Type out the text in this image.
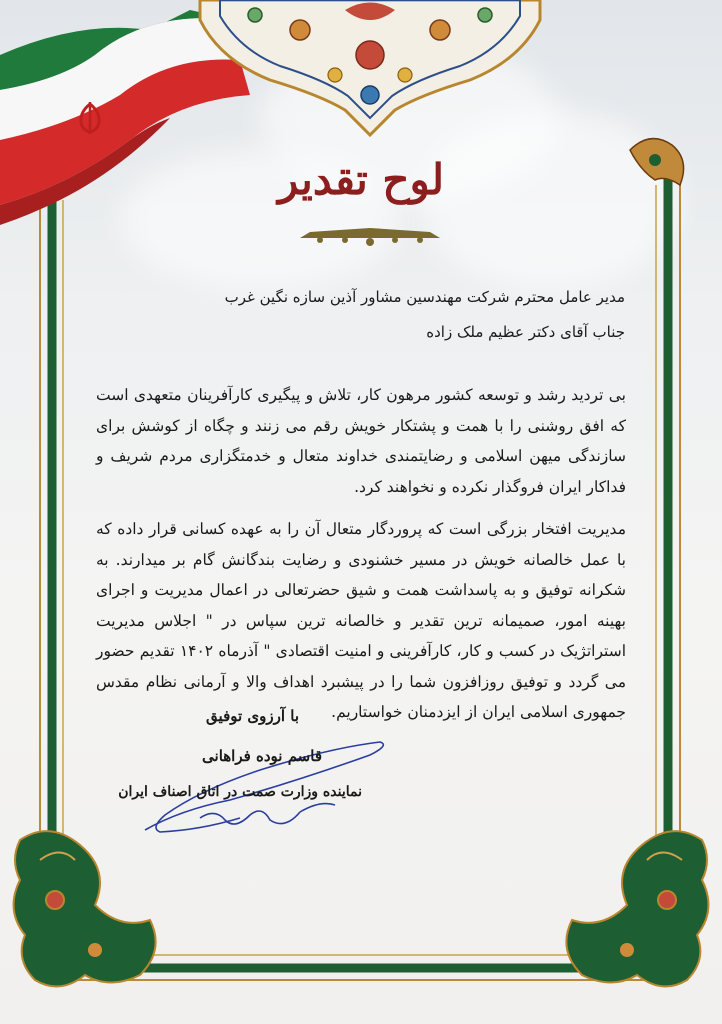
لوح تقدیر
مدیر عامل محترم شرکت مهندسین مشاور آذین سازه نگین غرب
جناب آقای دکتر عظیم ملک زاده

بی تردید رشد و توسعه کشور مرهون کار، تلاش و پیگیری کارآفرینان متعهدی است که افق روشنی را با همت و پشتکار خویش رقم می زنند و چگاه از کوشش برای سازندگی میهن اسلامی و رضایتمندی خداوند متعال و خدمتگزاری مردم شریف و فداکار ایران فروگذار نکرده و نخواهند کرد.

مدیریت افتخار بزرگی است که پروردگار متعال آن را به عهده کسانی قرار داده که با عمل خالصانه خویش در مسیر خشنودی و رضایت بندگانش گام بر میدارند. به شکرانه توفیق و به پاسداشت همت و شیق حضرتعالی در اعمال مدیریت و اجرای بهینه امور، صمیمانه ترین تقدیر و خالصانه ترین سپاس در " اجلاس مدیریت استراتژیک در کسب و کار، کارآفرینی و امنیت اقتصادی " آذرماه ۱۴۰۲ تقدیم حضور می گردد و توفیق روزافزون شما را در پیشبرد اهداف والا و آرمانی نظام مقدس جمهوری اسلامی ایران از ایزدمنان خواستاریم.

با آرزوی توفیق
قاسم نوده فراهانی
نماینده وزارت صمت در اتاق اصناف ایران
